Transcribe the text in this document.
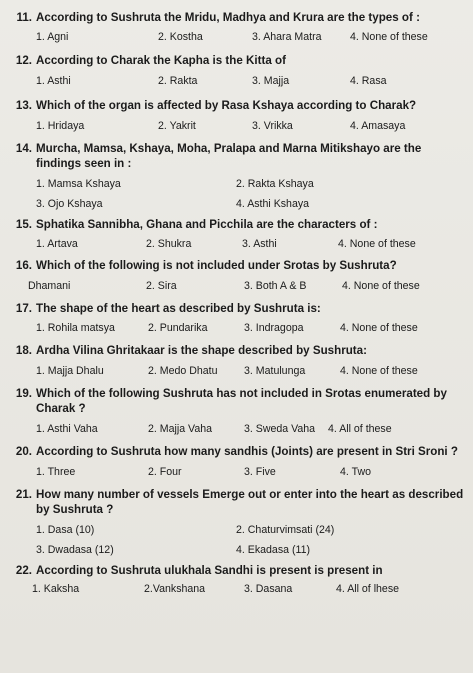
11. According to Sushruta the Mridu, Madhya and Krura are the types of :
1. Agni	2. Kostha	3. Ahara Matra	4. None of these
12. According to Charak the Kapha is the Kitta of
1. Asthi	2. Rakta	3. Majja	4. Rasa
13. Which of the organ is affected by Rasa Kshaya according to Charak?
1. Hridaya	2. Yakrit	3. Vrikka	4. Amasaya
14. Murcha, Mamsa, Kshaya, Moha, Pralapa and Marna Mitikshayo are the findings seen in :
1. Mamsa Kshaya	2. Rakta Kshaya
3. Ojo Kshaya	4. Asthi Kshaya
15. Sphatika Sannibha, Ghana and Picchila are the characters of :
1. Artava	2. Shukra	3. Asthi	4. None of these
16. Which of the following is not included under Srotas by Sushruta?
Dhamani	2. Sira	3. Both A & B	4. None of these
17. The shape of the heart as described by Sushruta is:
1. Rohila matsya	2. Pundarika	3. Indragopa	4. None of these
18. Ardha Vilina Ghritakaar is the shape described by Sushruta:
1. Majja Dhalu	2. Medo Dhatu	3. Matulunga	4. None of these
19. Which of the following Sushruta has not included in Srotas enumerated by Charak ?
1. Asthi Vaha	2. Majja Vaha	3. Sweda Vaha	4. All of these
20. According to Sushruta how many sandhis (Joints) are present in Stri Sroni ?
1. Three	2. Four	3. Five	4. Two
21. How many number of vessels Emerge out or enter into the heart as described by Sushruta ?
1. Dasa (10)	2. Chaturvimsati (24)
3. Dwadasa (12)	4. Ekadasa (11)
22. According to Sushruta ulukhala Sandhi is present is present in
1. Kaksha	2.Vankshana	3. Dasana	4. All of lhese
